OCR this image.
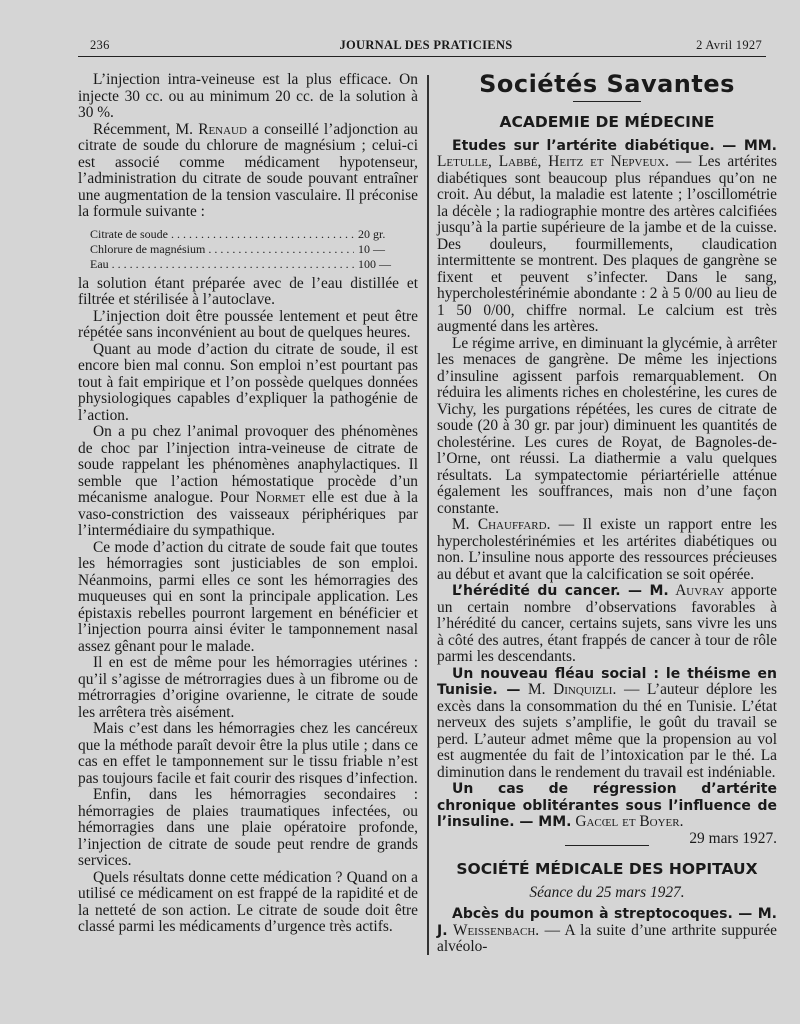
236	JOURNAL DES PRATICIENS	2 Avril 1927

L’injection intra-veineuse est la plus efficace. On injecte 30 cc. ou au minimum 20 cc. de la solution à 30 %.

Récemment, M. Renaud a conseillé l’adjonction au citrate de soude du chlorure de magnésium ; celui-ci est associé comme médicament hypotenseur, l’administration du citrate de soude pouvant entraîner une augmentation de la tension vasculaire. Il préconise la formule suivante :

Citrate de soude . . .	20 gr.
Chlorure de magnésium . . .	10 —
Eau . . .	100 —

la solution étant préparée avec de l’eau distillée et filtrée et stérilisée à l’autoclave.

L’injection doit être poussée lentement et peut être répétée sans inconvénient au bout de quelques heures.

Quant au mode d’action du citrate de soude, il est encore bien mal connu. Son emploi n’est pourtant pas tout à fait empirique et l’on possède quelques données physiologiques capables d’expliquer la pathogénie de l’action.

On a pu chez l’animal provoquer des phénomènes de choc par l’injection intra-veineuse de citrate de soude rappelant les phénomènes anaphylactiques. Il semble que l’action hémostatique procède d’un mécanisme analogue. Pour Normet elle est due à la vaso-constriction des vaisseaux périphériques par l’intermédiaire du sympathique.

Ce mode d’action du citrate de soude fait que toutes les hémorragies sont justiciables de son emploi. Néanmoins, parmi elles ce sont les hémorragies des muqueuses qui en sont la principale application. Les épistaxis rebelles pourront largement en bénéficier et l’injection pourra ainsi éviter le tamponnement nasal assez gênant pour le malade.

Il en est de même pour les hémorragies utérines : qu’il s’agisse de métrorragies dues à un fibrome ou de métrorragies d’origine ovarienne, le citrate de soude les arrêtera très aisément.

Mais c’est dans les hémorragies chez les cancéreux que la méthode paraît devoir être la plus utile ; dans ce cas en effet le tamponnement sur le tissu friable n’est pas toujours facile et fait courir des risques d’infection.

Enfin, dans les hémorragies secondaires : hémorragies de plaies traumatiques infectées, ou hémorragies dans une plaie opératoire profonde, l’injection de citrate de soude peut rendre de grands services.

Quels résultats donne cette médication ? Quand on a utilisé ce médicament on est frappé de la rapidité et de la netteté de son action. Le citrate de soude doit être classé parmi les médicaments d’urgence très actifs.

Sociétés Savantes
ACADEMIE DE MÉDECINE

Etudes sur l’artérite diabétique. — MM. Letulle, Labbé, Heitz et Nepveux. — Les artérites diabétiques sont beaucoup plus répandues qu’on ne croit. Au début, la maladie est latente ; l’oscillométrie la décèle ; la radiographie montre des artères calcifiées jusqu’à la partie supérieure de la jambe et de la cuisse. Des douleurs, fourmillements, claudication intermittente se montrent. Des plaques de gangrène se fixent et peuvent s’infecter. Dans le sang, hypercholestérinémie abondante : 2 à 5 0/00 au lieu de 1 50 0/00, chiffre normal. Le calcium est très augmenté dans les artères.

Le régime arrive, en diminuant la glycémie, à arrêter les menaces de gangrène. De même les injections d’insuline agissent parfois remarquablement. On réduira les aliments riches en cholestérine, les cures de Vichy, les purgations répétées, les cures de citrate de soude (20 à 30 gr. par jour) diminuent les quantités de cholestérine. Les cures de Royat, de Bagnoles-de-l’Orne, ont réussi. La diathermie a valu quelques résultats. La sympatectomie périartérielle atténue également les souffrances, mais non d’une façon constante.

M. Chauffard. — Il existe un rapport entre les hypercholestérinémies et les artérites diabétiques ou non. L’insuline nous apporte des ressources précieuses au début et avant que la calcification se soit opérée.

L’hérédité du cancer. — M. Auvray apporte un certain nombre d’observations favorables à l’hérédité du cancer, certains sujets, sans vivre les uns à côté des autres, étant frappés de cancer à tour de rôle parmi les descendants.

Un nouveau fléau social : le théisme en Tunisie. — M. Dinquizli. — L’auteur déplore les excès dans la consommation du thé en Tunisie. L’état nerveux des sujets s’amplifie, le goût du travail se perd. L’auteur admet même que la propension au vol est augmentée du fait de l’intoxication par le thé. La diminution dans le rendement du travail est indéniable.

Un cas de régression d’artérite chronique oblitérantes sous l’influence de l’insuline. — MM. Gacœl et Boyer.
29 mars 1927.

SOCIÉTÉ MÉDICALE DES HOPITAUX
Séance du 25 mars 1927.

Abcès du poumon à streptocoques. — M. J. Weissenbach. — A la suite d’une arthrite suppurée alvéolo-
